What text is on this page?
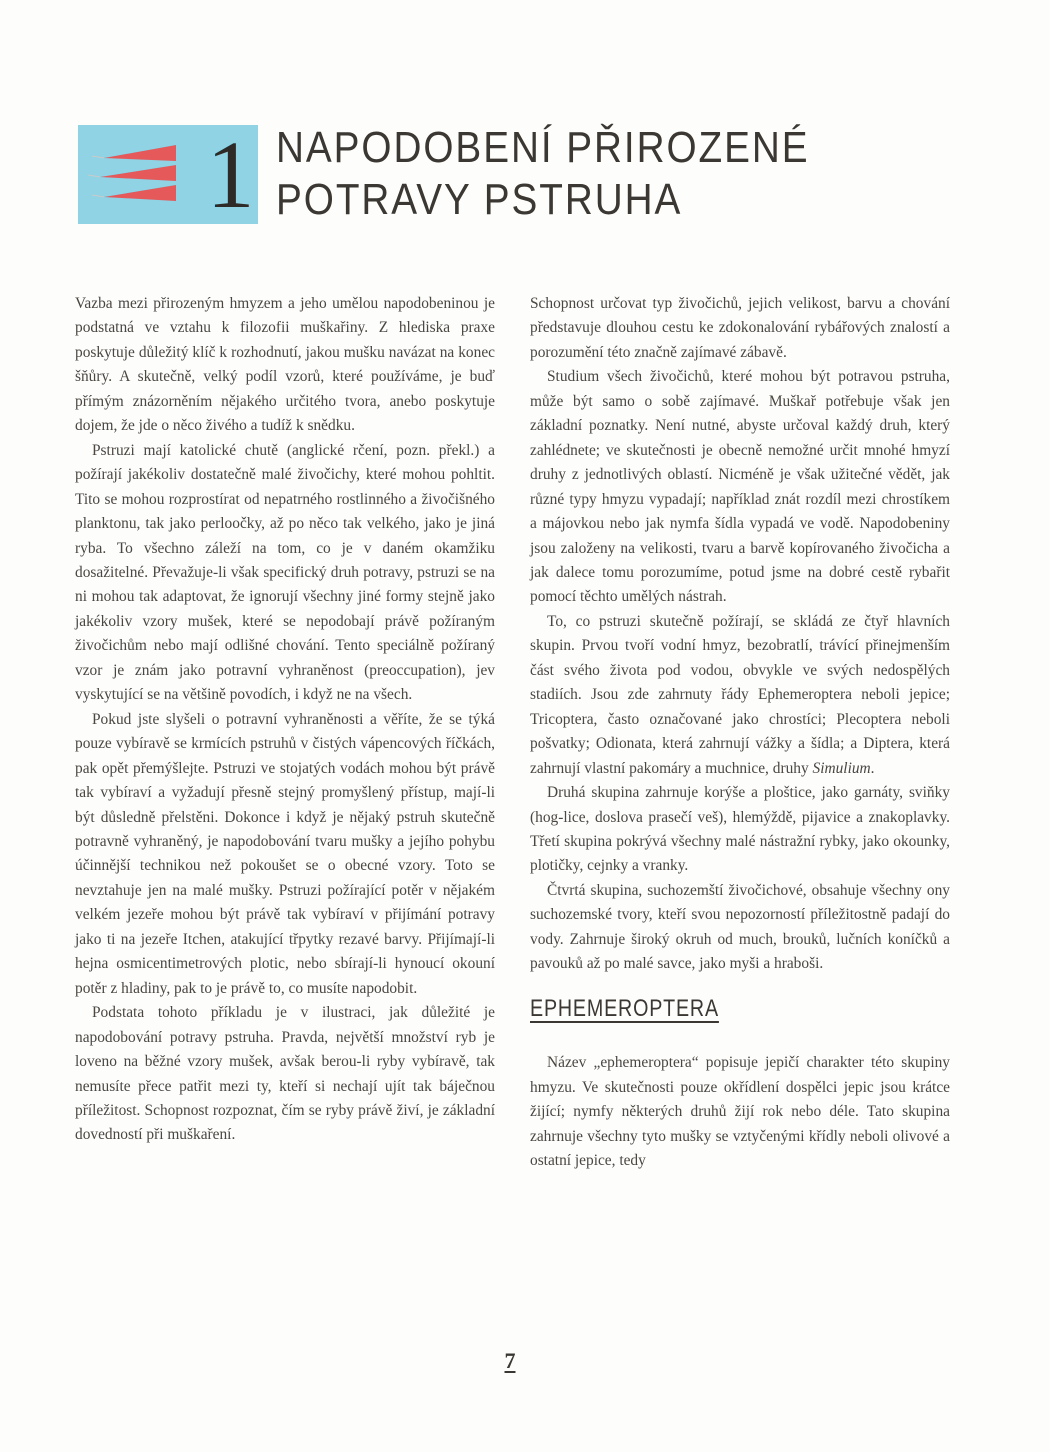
1 NAPODOBENÍ PŘIROZENÉ POTRAVY PSTRUHA

Vazba mezi přirozeným hmyzem a jeho umělou napodobeninou je podstatná ve vztahu k filozofii muškařiny. Z hlediska praxe poskytuje důležitý klíč k rozhodnutí, jakou mušku navázat na konec šňůry. A skutečně, velký podíl vzorů, které používáme, je buď přímým znázorněním nějakého určitého tvora, anebo poskytuje dojem, že jde o něco živého a tudíž k snědku.

Pstruzi mají katolické chutě (anglické rčení, pozn. překl.) a požírají jakékoliv dostatečně malé živočichy, které mohou pohltit. Tito se mohou rozprostírat od nepatrného rostlinného a živočišného planktonu, tak jako perloočky, až po něco tak velkého, jako je jiná ryba. To všechno záleží na tom, co je v daném okamžiku dosažitelné. Převažuje-li však specifický druh potravy, pstruzi se na ni mohou tak adaptovat, že ignorují všechny jiné formy stejně jako jakékoliv vzory mušek, které se nepodobají právě požíraným živočichům nebo mají odlišné chování. Tento speciálně požíraný vzor je znám jako potravní vyhraněnost (preoccupation), jev vyskytující se na většině povodích, i když ne na všech.

Pokud jste slyšeli o potravní vyhraněnosti a věříte, že se týká pouze vybíravě se krmících pstruhů v čistých vápencových říčkách, pak opět přemýšlejte. Pstruzi ve stojatých vodách mohou být právě tak vybíraví a vyžadují přesně stejný promyšlený přístup, mají-li být důsledně přelstěni. Dokonce i když je nějaký pstruh skutečně potravně vyhraněný, je napodobování tvaru mušky a jejího pohybu účinnější technikou než pokoušet se o obecné vzory. Toto se nevztahuje jen na malé mušky. Pstruzi požírající potěr v nějakém velkém jezeře mohou být právě tak vybíraví v přijímání potravy jako ti na jezeře Itchen, atakující třpytky rezavé barvy. Přijímají-li hejna osmicentimetrových plotic, nebo sbírají-li hynoucí okouní potěr z hladiny, pak to je právě to, co musíte napodobit.

Podstata tohoto příkladu je v ilustraci, jak důležité je napodobování potravy pstruha. Pravda, největší množství ryb je loveno na běžné vzory mušek, avšak berou-li ryby vybíravě, tak nemusíte přece patřit mezi ty, kteří si nechají ujít tak báječnou příležitost. Schopnost rozpoznat, čím se ryby právě živí, je základní dovedností při muškaření.

Schopnost určovat typ živočichů, jejich velikost, barvu a chování představuje dlouhou cestu ke zdokonalování rybářových znalostí a porozumění této značně zajímavé zábavě.

Studium všech živočichů, které mohou být potravou pstruha, může být samo o sobě zajímavé. Muškař potřebuje však jen základní poznatky. Není nutné, abyste určoval každý druh, který zahlédnete; ve skutečnosti je obecně nemožné určit mnohé hmyzí druhy z jednotlivých oblastí. Nicméně je však užitečné vědět, jak různé typy hmyzu vypadají; například znát rozdíl mezi chrostíkem a májovkou nebo jak nymfa šídla vypadá ve vodě. Napodobeniny jsou založeny na velikosti, tvaru a barvě kopírovaného živočicha a jak dalece tomu porozumíme, potud jsme na dobré cestě rybařit pomocí těchto umělých nástrah.

To, co pstruzi skutečně požírají, se skládá ze čtyř hlavních skupin. Prvou tvoří vodní hmyz, bezobratlí, trávící přinejmenším část svého života pod vodou, obvykle ve svých nedospělých stadiích. Jsou zde zahrnuty řády Ephemeroptera neboli jepice; Tricoptera, často označované jako chrostíci; Plecoptera neboli pošvatky; Odionata, která zahrnují vážky a šídla; a Diptera, která zahrnují vlastní pakomáry a muchnice, druhy Simulium.

Druhá skupina zahrnuje korýše a ploštice, jako garnáty, sviňky (hog-lice, doslova prasečí veš), hlemýždě, pijavice a znakoplavky. Třetí skupina pokrývá všechny malé nástražní rybky, jako okounky, plotičky, cejnky a vranky.

Čtvrtá skupina, suchozemští živočichové, obsahuje všechny ony suchozemské tvory, kteří svou nepozorností příležitostně padají do vody. Zahrnuje široký okruh od much, brouků, lučních koníčků a pavouků až po malé savce, jako myši a hraboši.

EPHEMEROPTERA

Název „ephemeroptera“ popisuje jepičí charakter této skupiny hmyzu. Ve skutečnosti pouze okřídlení dospělci jepic jsou krátce žijící; nymfy některých druhů žijí rok nebo déle. Tato skupina zahrnuje všechny tyto mušky se vztyčenými křídly neboli olivové a ostatní jepice, tedy

7
